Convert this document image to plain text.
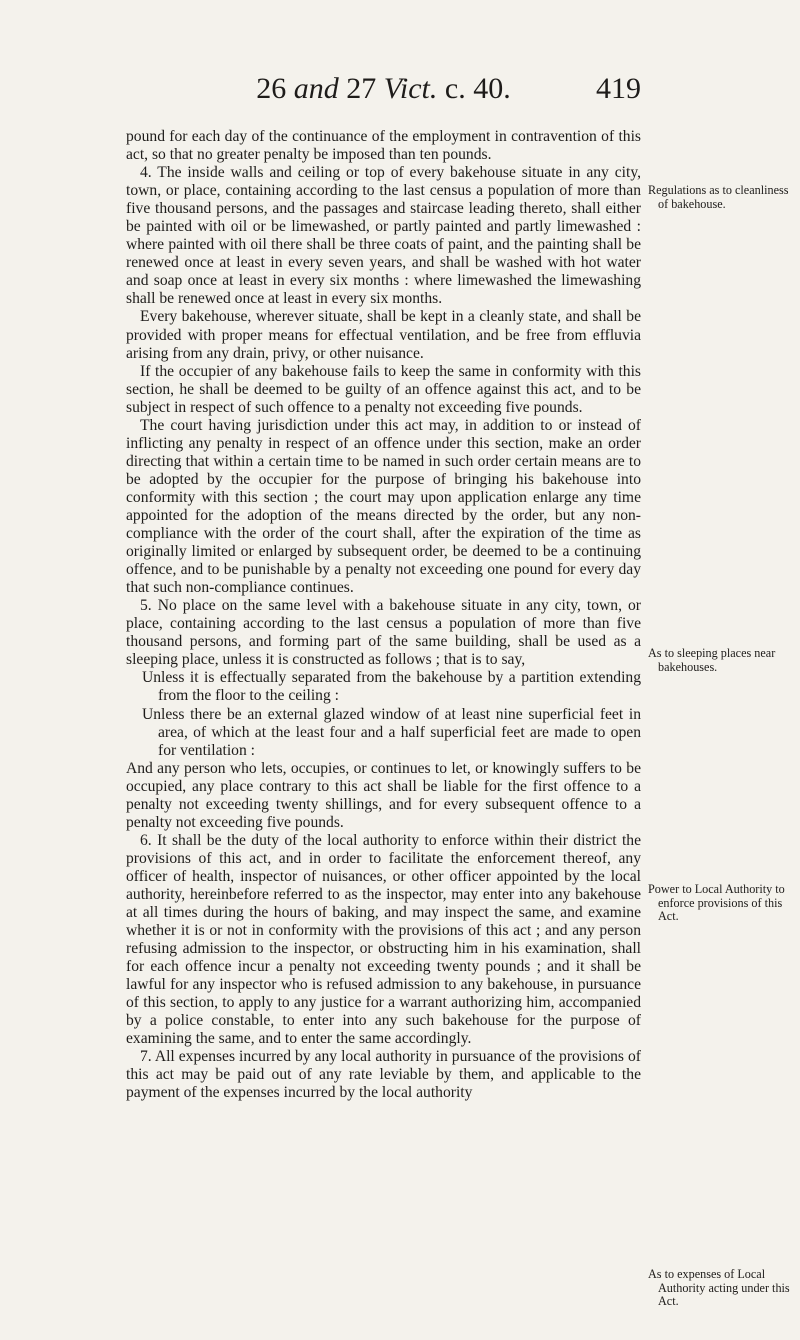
26 and 27 Vict. c. 40.	419

pound for each day of the continuance of the employment in contravention of this act, so that no greater penalty be imposed than ten pounds.

4. The inside walls and ceiling or top of every bakehouse situate in any city, town, or place, containing according to the last census a population of more than five thousand persons, and the passages and staircase leading thereto, shall either be painted with oil or be limewashed, or partly painted and partly limewashed : where painted with oil there shall be three coats of paint, and the painting shall be renewed once at least in every seven years, and shall be washed with hot water and soap once at least in every six months : where limewashed the limewashing shall be renewed once at least in every six months.

Every bakehouse, wherever situate, shall be kept in a cleanly state, and shall be provided with proper means for effectual ventilation, and be free from effluvia arising from any drain, privy, or other nuisance.

If the occupier of any bakehouse fails to keep the same in conformity with this section, he shall be deemed to be guilty of an offence against this act, and to be subject in respect of such offence to a penalty not exceeding five pounds.

The court having jurisdiction under this act may, in addition to or instead of inflicting any penalty in respect of an offence under this section, make an order directing that within a certain time to be named in such order certain means are to be adopted by the occupier for the purpose of bringing his bakehouse into conformity with this section ; the court may upon application enlarge any time appointed for the adoption of the means directed by the order, but any non-compliance with the order of the court shall, after the expiration of the time as originally limited or enlarged by subsequent order, be deemed to be a continuing offence, and to be punishable by a penalty not exceeding one pound for every day that such non-compliance continues.

5. No place on the same level with a bakehouse situate in any city, town, or place, containing according to the last census a population of more than five thousand persons, and forming part of the same building, shall be used as a sleeping place, unless it is constructed as follows ; that is to say,

Unless it is effectually separated from the bakehouse by a partition extending from the floor to the ceiling :

Unless there be an external glazed window of at least nine superficial feet in area, of which at the least four and a half superficial feet are made to open for ventilation :

And any person who lets, occupies, or continues to let, or knowingly suffers to be occupied, any place contrary to this act shall be liable for the first offence to a penalty not exceeding twenty shillings, and for every subsequent offence to a penalty not exceeding five pounds.

6. It shall be the duty of the local authority to enforce within their district the provisions of this act, and in order to facilitate the enforcement thereof, any officer of health, inspector of nuisances, or other officer appointed by the local authority, hereinbefore referred to as the inspector, may enter into any bakehouse at all times during the hours of baking, and may inspect the same, and examine whether it is or not in conformity with the provisions of this act ; and any person refusing admission to the inspector, or obstructing him in his examination, shall for each offence incur a penalty not exceeding twenty pounds ; and it shall be lawful for any inspector who is refused admission to any bakehouse, in pursuance of this section, to apply to any justice for a warrant authorizing him, accompanied by a police constable, to enter into any such bakehouse for the purpose of examining the same, and to enter the same accordingly.

7. All expenses incurred by any local authority in pursuance of the provisions of this act may be paid out of any rate leviable by them, and applicable to the payment of the expenses incurred by the local authority

Regulations as to cleanliness of bakehouse.

As to sleeping places near bakehouses.

Power to Local Authority to enforce provisions of this Act.

As to expenses of Local Authority acting under this Act.
